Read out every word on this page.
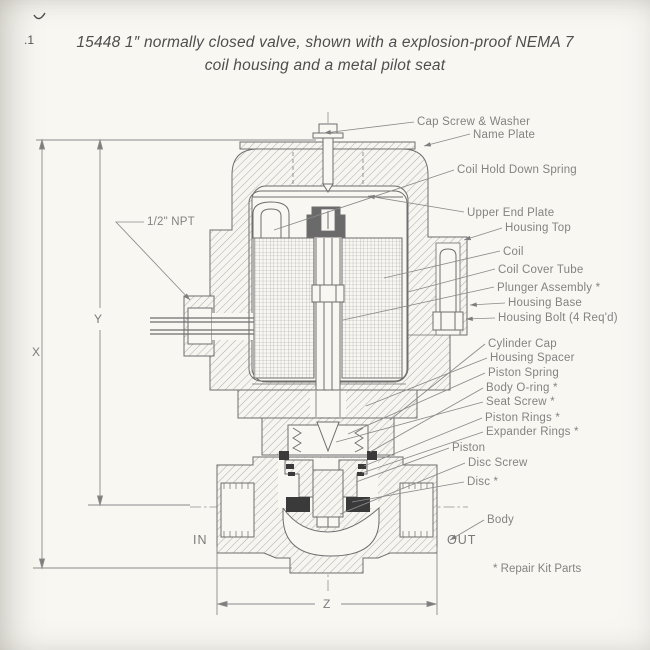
15448 1″ normally closed valve, shown with a explosion-proof NEMA 7
coil housing and a metal pilot seat
.1
Cap Screw & Washer
Name Plate
Coil Hold Down Spring
Upper End Plate
Housing Top
Coil
Coil Cover Tube
Plunger Assembly *
Housing Base
Housing Bolt (4 Req'd)
Cylinder Cap
Housing Spacer
Piston Spring
Body O-ring *
Seat Screw *
Piston Rings *
Expander Rings *
Piston
Disc Screw
Disc *
Body
1/2" NPT
* Repair Kit Parts
IN	OUT
X
Y
Z
